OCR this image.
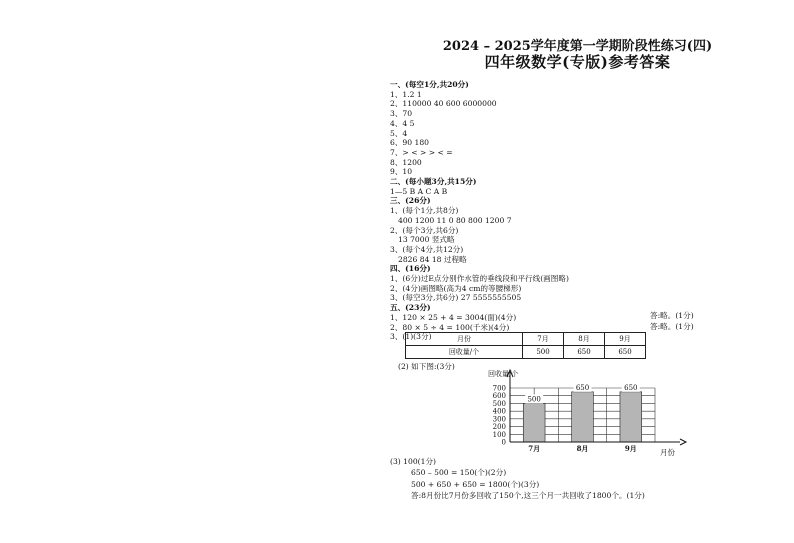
2024 – 2025学年度第一学期阶段性练习(四)
四年级数学(专版)参考答案
一、(每空1分,共20分)
1、1.2 1
2、110000 40 600 6000000
3、70
4、4 5
5、4
6、90 180
7、> < > > < =
8、1200
9、10
二、(每小题3分,共15分)
1—5 B A C A B
三、(26分)
1、(每个1分,共8分)
400 1200 11 0 80 800 1200 7
2、(每个3分,共6分)
13 7000 竖式略
3、(每个4分,共12分)
2826 84 18 过程略
四、(16分)
1、(6分)过E点分别作水管的垂线段和平行线(画图略)
2、(4分)画图略(高为4 cm的等腰梯形)
3、(每空3分,共6分) 27 5555555505
五、(23分)
1、120 × 25 + 4 = 3004(面)(4分)
2、80 × 5 ÷ 4 = 100(千米)(4分)
3、(1)(3分)
答:略。(1分)
答:略。(1分)
月份	7月	8月	9月
回收量/个	500	650	650
(2) 如下图:(3分)
0
100
200
300
400
500
600
700
500
7月
650
8月
650
9月
回收量/个
月份
(3) 100(1分)
650 – 500 = 150(个)(2分)
500 + 650 + 650 = 1800(个)(3分)
答:8月份比7月份多回收了150个,这三个月一共回收了1800个。(1分)
